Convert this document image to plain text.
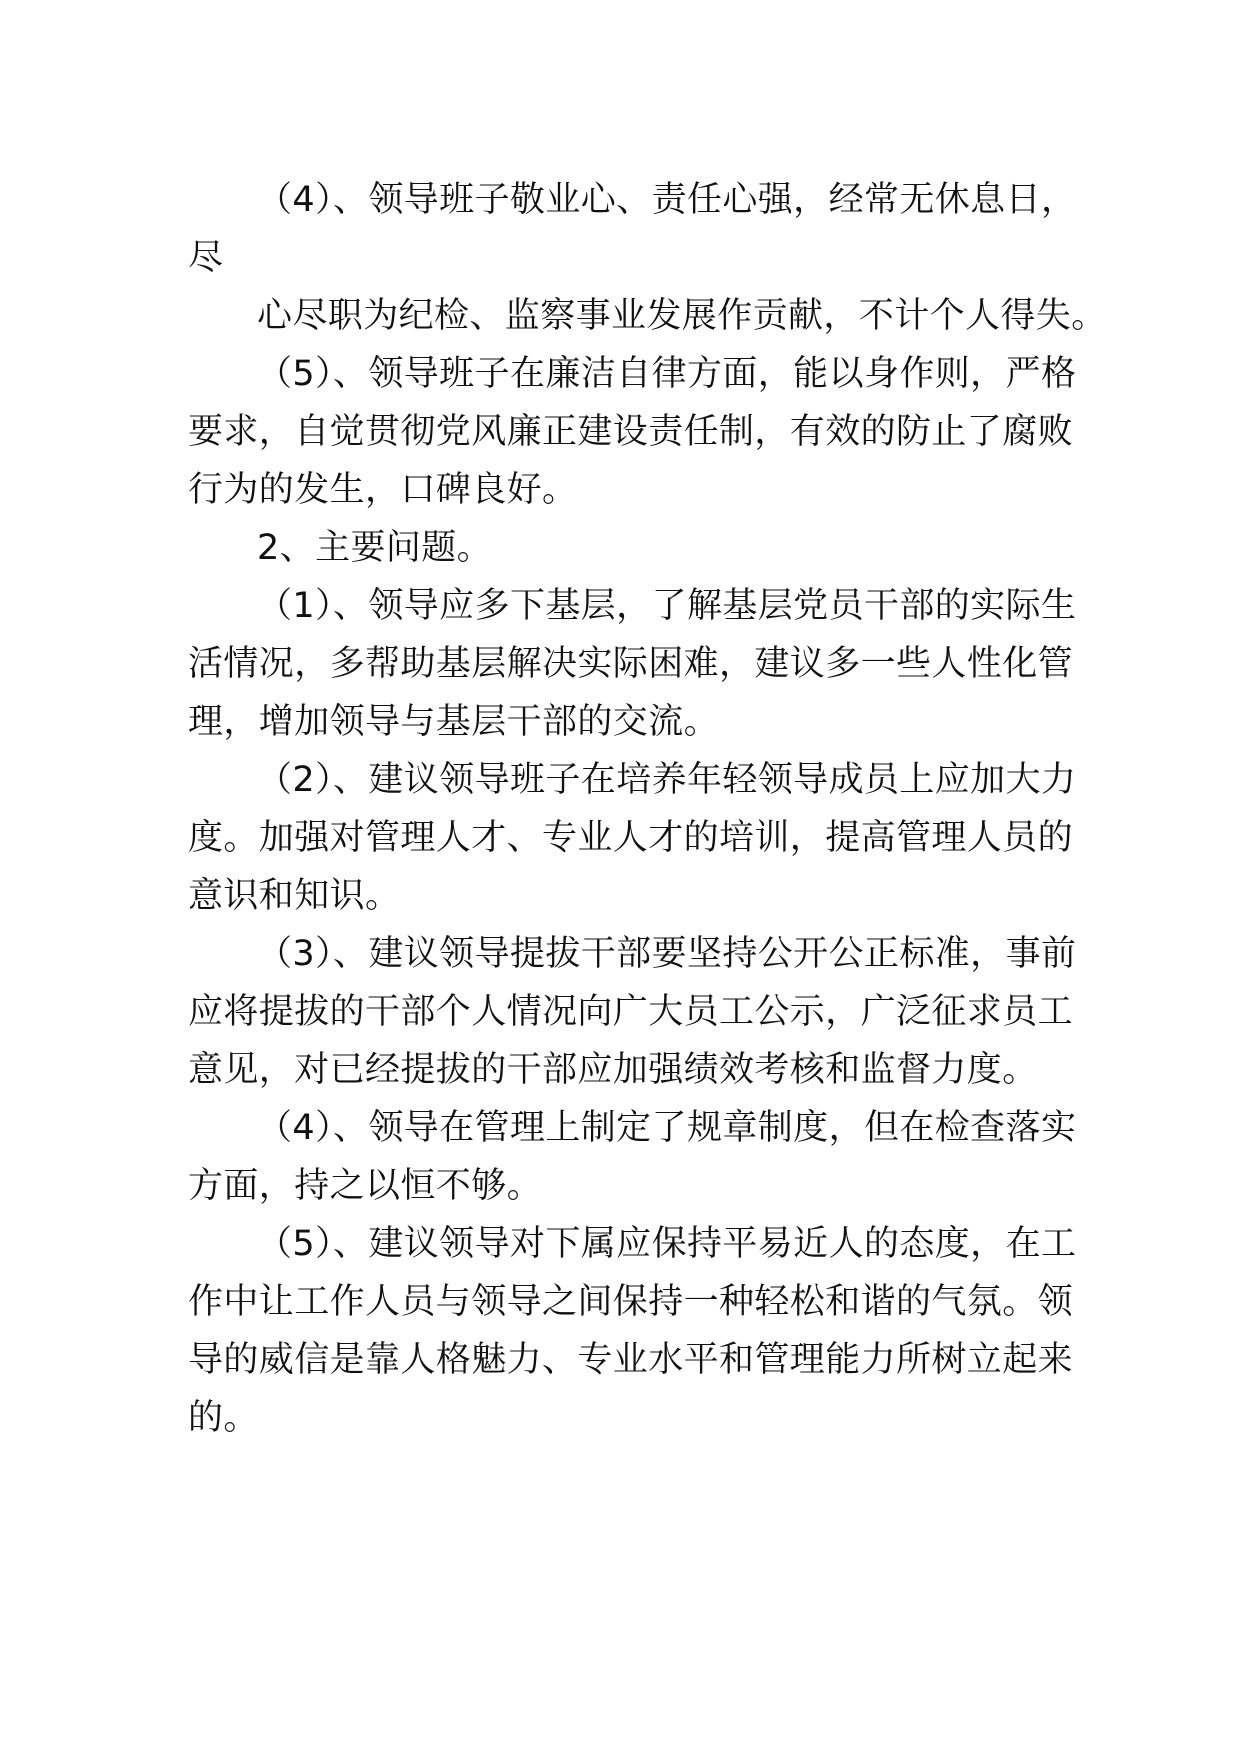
（4）、领导班子敬业心、责任心强，经常无休息日，
尽
心尽职为纪检、监察事业发展作贡献，不计个人得失。
（5）、领导班子在廉洁自律方面，能以身作则，严格
要求，自觉贯彻党风廉正建设责任制，有效的防止了腐败
行为的发生，口碑良好。
2、主要问题。
（1）、领导应多下基层，了解基层党员干部的实际生
活情况，多帮助基层解决实际困难，建议多一些人性化管
理，增加领导与基层干部的交流。
（2）、建议领导班子在培养年轻领导成员上应加大力
度。加强对管理人才、专业人才的培训，提高管理人员的
意识和知识。
（3）、建议领导提拔干部要坚持公开公正标准，事前
应将提拔的干部个人情况向广大员工公示，广泛征求员工
意见，对已经提拔的干部应加强绩效考核和监督力度。
（4）、领导在管理上制定了规章制度，但在检查落实
方面，持之以恒不够。
（5）、建议领导对下属应保持平易近人的态度，在工
作中让工作人员与领导之间保持一种轻松和谐的气氛。领
导的威信是靠人格魅力、专业水平和管理能力所树立起来
的。
